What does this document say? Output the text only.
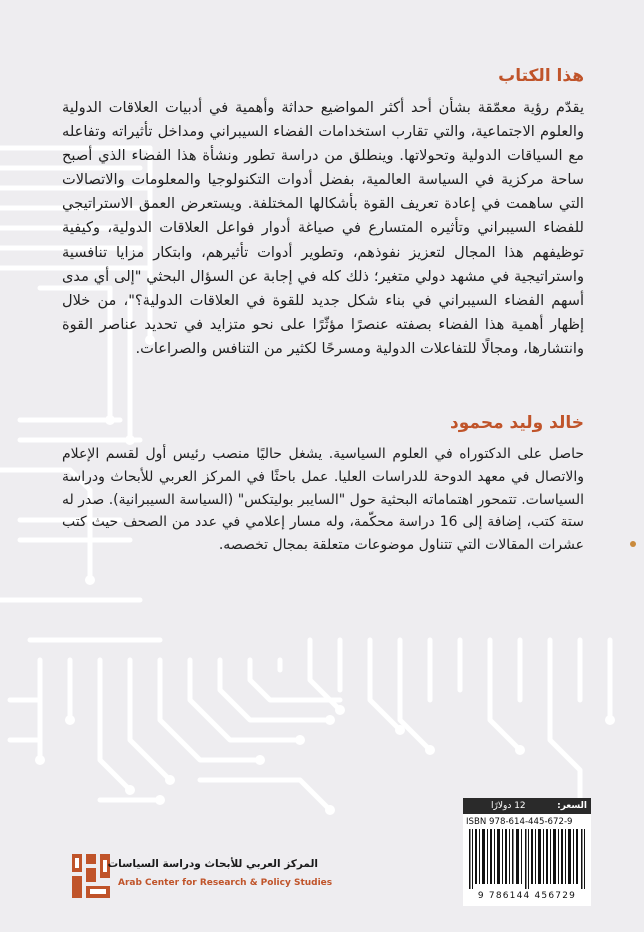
هذا الكتاب

يقدّم رؤية معمّقة بشأن أحد أكثر المواضيع حداثة وأهمية في أدبيات العلاقات الدولية والعلوم الاجتماعية، والتي تقارب استخدامات الفضاء السيبراني ومداخل تأثيراته وتفاعله مع السياقات الدولية وتحولاتها. وينطلق من دراسة تطور ونشأة هذا الفضاء الذي أصبح ساحة مركزية في السياسة العالمية، بفضل أدوات التكنولوجيا والمعلومات والاتصالات التي ساهمت في إعادة تعريف القوة بأشكالها المختلفة. ويستعرض العمق الاستراتيجي للفضاء السيبراني وتأثيره المتسارع في صياغة أدوار فواعل العلاقات الدولية، وكيفية توظيفهم هذا المجال لتعزيز نفوذهم، وتطوير أدوات تأثيرهم، وابتكار مزايا تنافسية واستراتيجية في مشهد دولي متغير؛ ذلك كله في إجابة عن السؤال البحثي "إلى أي مدى أسهم الفضاء السيبراني في بناء شكل جديد للقوة في العلاقات الدولية؟"، من خلال إظهار أهمية هذا الفضاء بصفته عنصرًا مؤثّرًا على نحو متزايد في تحديد عناصر القوة وانتشارها، ومجالًا للتفاعلات الدولية ومسرحًا لكثير من التنافس والصراعات.

خالد وليد محمود

حاصل على الدكتوراه في العلوم السياسية. يشغل حاليًا منصب رئيس أول لقسم الإعلام والاتصال في معهد الدوحة للدراسات العليا. عمل باحثًا في المركز العربي للأبحاث ودراسة السياسات. تتمحور اهتماماته البحثية حول "السايبر بوليتكس" (السياسة السيبرانية). صدر له ستة كتب، إضافة إلى 16 دراسة محكّمة، وله مسار إعلامي في عدد من الصحف حيث كتب عشرات المقالات التي تتناول موضوعات متعلقة بمجال تخصصه.

السعر:
12 دولارًا
ISBN 978-614-445-672-9
9 786144 456729
المركز العربي للأبحاث ودراسة السياسات
Arab Center for Research & Policy Studies
